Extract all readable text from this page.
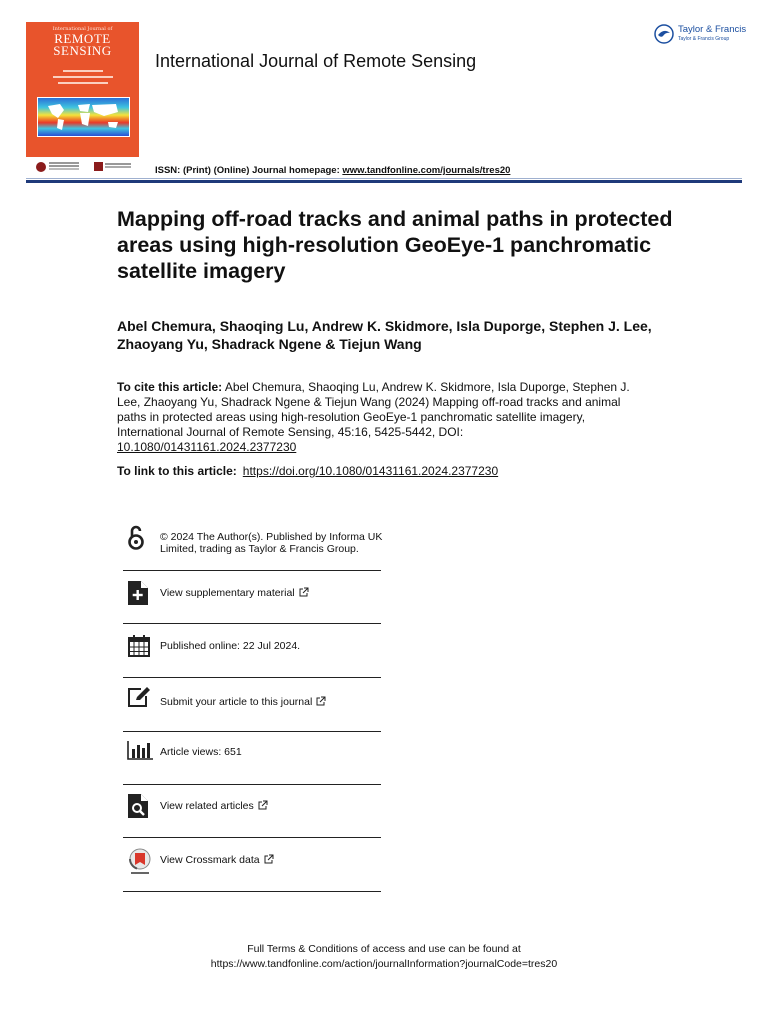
International Journal of
REMOTE
SENSING

International Journal of Remote Sensing
Taylor & Francis
Taylor & Francis Group
ISSN: (Print) (Online) Journal homepage: www.tandfonline.com/journals/tres20
Mapping off-road tracks and animal paths in protected areas using high-resolution GeoEye-1 panchromatic satellite imagery
Abel Chemura, Shaoqing Lu, Andrew K. Skidmore, Isla Duporge, Stephen J. Lee, Zhaoyang Yu, Shadrack Ngene & Tiejun Wang
To cite this article: Abel Chemura, Shaoqing Lu, Andrew K. Skidmore, Isla Duporge, Stephen J. Lee, Zhaoyang Yu, Shadrack Ngene & Tiejun Wang (2024) Mapping off-road tracks and animal paths in protected areas using high-resolution GeoEye-1 panchromatic satellite imagery, International Journal of Remote Sensing, 45:16, 5425-5442, DOI: 10.1080/01431161.2024.2377230
To link to this article: https://doi.org/10.1080/01431161.2024.2377230
© 2024 The Author(s). Published by Informa UK Limited, trading as Taylor & Francis Group.
View supplementary material
Published online: 22 Jul 2024.
Submit your article to this journal
Article views: 651
View related articles
View Crossmark data
Full Terms & Conditions of access and use can be found at
https://www.tandfonline.com/action/journalInformation?journalCode=tres20
